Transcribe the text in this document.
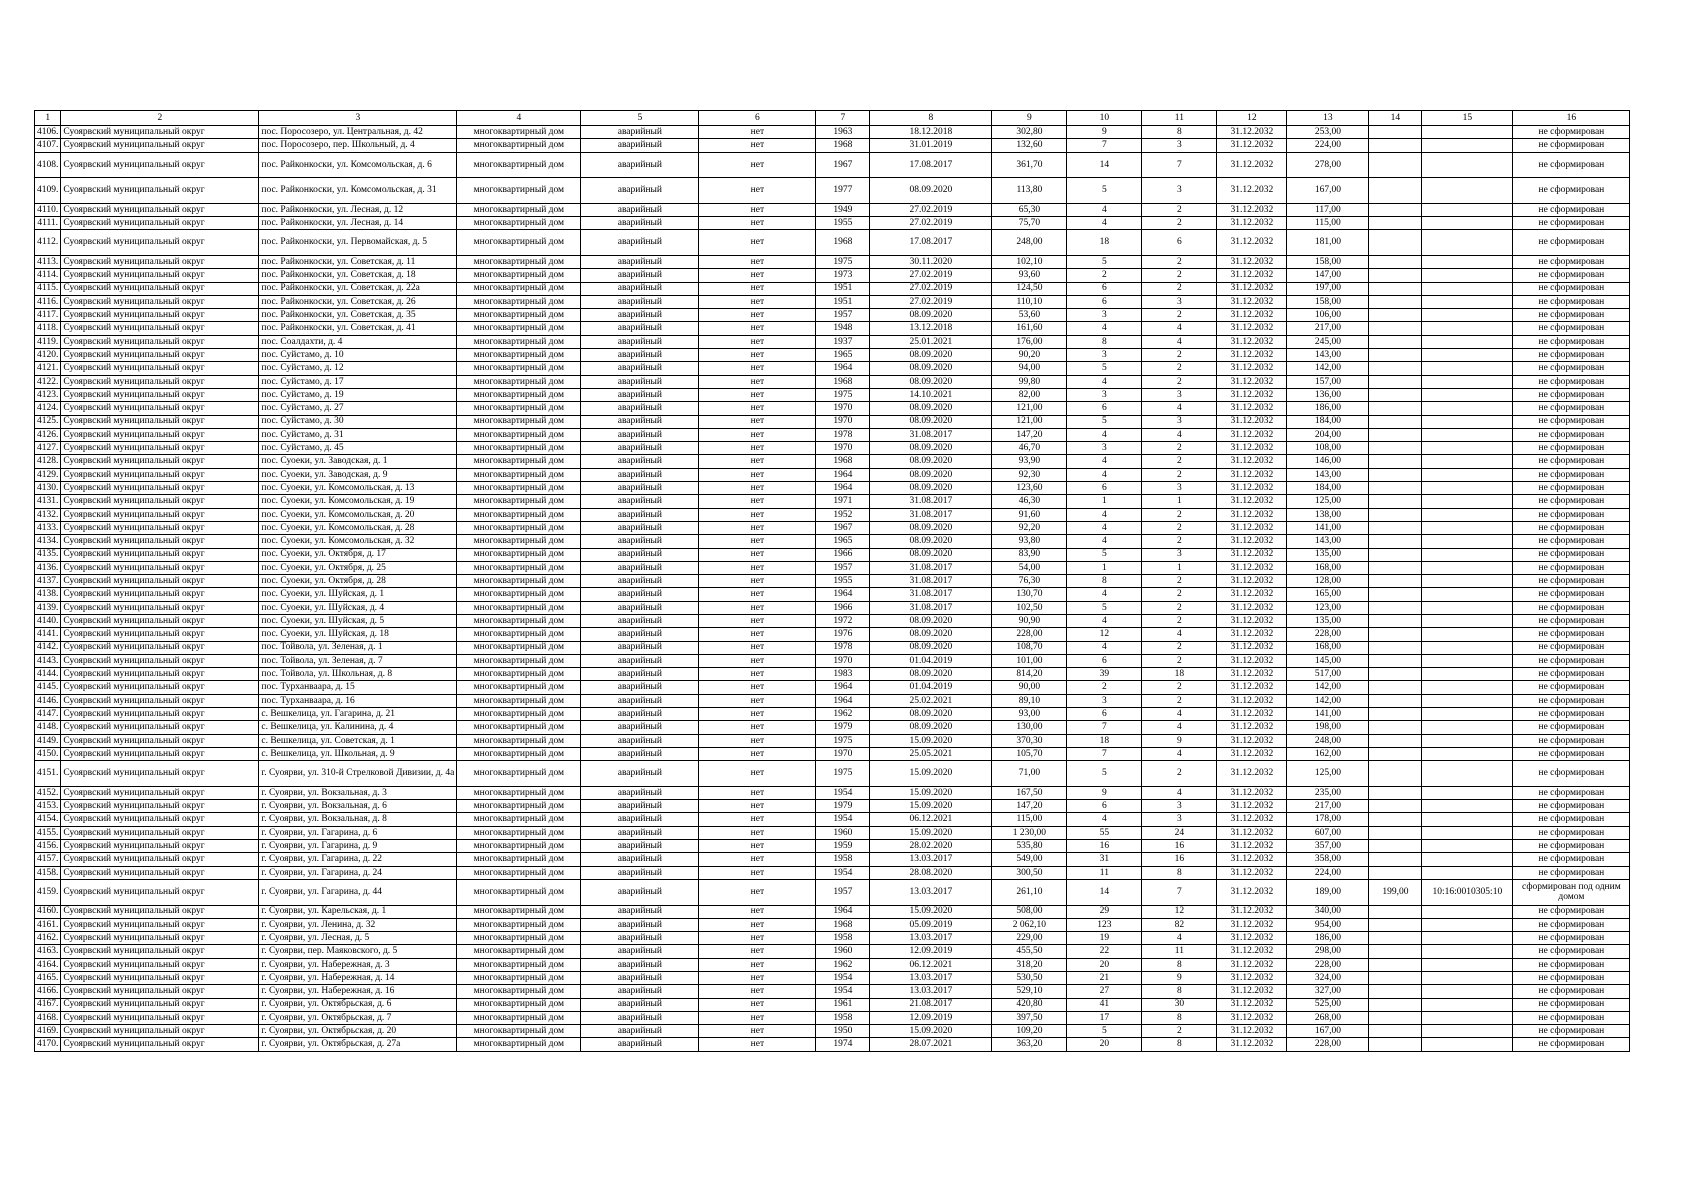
1	2	3	4	5	6	7	8	9	10	11	12	13	14	15	16
4106.	Суоярвский муниципальный округ	пос. Поросозеро, ул. Центральная, д. 42	многоквартирный дом	аварийный	нет	1963	18.12.2018	302,80	9	8	31.12.2032	253,00			не сформирован
4107.	Суоярвский муниципальный округ	пос. Поросозеро, пер. Школьный, д. 4	многоквартирный дом	аварийный	нет	1968	31.01.2019	132,60	7	3	31.12.2032	224,00			не сформирован
4108.	Суоярвский муниципальный округ	пос. Райконкоски, ул. Комсомольская, д. 6	многоквартирный дом	аварийный	нет	1967	17.08.2017	361,70	14	7	31.12.2032	278,00			не сформирован
4109.	Суоярвский муниципальный округ	пос. Райконкоски, ул. Комсомольская, д. 31	многоквартирный дом	аварийный	нет	1977	08.09.2020	113,80	5	3	31.12.2032	167,00			не сформирован
4110.	Суоярвский муниципальный округ	пос. Райконкоски, ул. Лесная, д. 12	многоквартирный дом	аварийный	нет	1949	27.02.2019	65,30	4	2	31.12.2032	117,00			не сформирован
4111.	Суоярвский муниципальный округ	пос. Райконкоски, ул. Лесная, д. 14	многоквартирный дом	аварийный	нет	1955	27.02.2019	75,70	4	2	31.12.2032	115,00			не сформирован
4112.	Суоярвский муниципальный округ	пос. Райконкоски, ул. Первомайская, д. 5	многоквартирный дом	аварийный	нет	1968	17.08.2017	248,00	18	6	31.12.2032	181,00			не сформирован
4113.	Суоярвский муниципальный округ	пос. Райконкоски, ул. Советская, д. 11	многоквартирный дом	аварийный	нет	1975	30.11.2020	102,10	5	2	31.12.2032	158,00			не сформирован
4114.	Суоярвский муниципальный округ	пос. Райконкоски, ул. Советская, д. 18	многоквартирный дом	аварийный	нет	1973	27.02.2019	93,60	2	2	31.12.2032	147,00			не сформирован
4115.	Суоярвский муниципальный округ	пос. Райконкоски, ул. Советская, д. 22а	многоквартирный дом	аварийный	нет	1951	27.02.2019	124,50	6	2	31.12.2032	197,00			не сформирован
4116.	Суоярвский муниципальный округ	пос. Райконкоски, ул. Советская, д. 26	многоквартирный дом	аварийный	нет	1951	27.02.2019	110,10	6	3	31.12.2032	158,00			не сформирован
4117.	Суоярвский муниципальный округ	пос. Райконкоски, ул. Советская, д. 35	многоквартирный дом	аварийный	нет	1957	08.09.2020	53,60	3	2	31.12.2032	106,00			не сформирован
4118.	Суоярвский муниципальный округ	пос. Райконкоски, ул. Советская, д. 41	многоквартирный дом	аварийный	нет	1948	13.12.2018	161,60	4	4	31.12.2032	217,00			не сформирован
4119.	Суоярвский муниципальный округ	пос. Соалдахти, д. 4	многоквартирный дом	аварийный	нет	1937	25.01.2021	176,00	8	4	31.12.2032	245,00			не сформирован
4120.	Суоярвский муниципальный округ	пос. Суйстамо, д. 10	многоквартирный дом	аварийный	нет	1965	08.09.2020	90,20	3	2	31.12.2032	143,00			не сформирован
4121.	Суоярвский муниципальный округ	пос. Суйстамо, д. 12	многоквартирный дом	аварийный	нет	1964	08.09.2020	94,00	5	2	31.12.2032	142,00			не сформирован
4122.	Суоярвский муниципальный округ	пос. Суйстамо, д. 17	многоквартирный дом	аварийный	нет	1968	08.09.2020	99,80	4	2	31.12.2032	157,00			не сформирован
4123.	Суоярвский муниципальный округ	пос. Суйстамо, д. 19	многоквартирный дом	аварийный	нет	1975	14.10.2021	82,00	3	3	31.12.2032	136,00			не сформирован
4124.	Суоярвский муниципальный округ	пос. Суйстамо, д. 27	многоквартирный дом	аварийный	нет	1970	08.09.2020	121,00	6	4	31.12.2032	186,00			не сформирован
4125.	Суоярвский муниципальный округ	пос. Суйстамо, д. 30	многоквартирный дом	аварийный	нет	1970	08.09.2020	121,00	5	3	31.12.2032	184,00			не сформирован
4126.	Суоярвский муниципальный округ	пос. Суйстамо, д. 31	многоквартирный дом	аварийный	нет	1978	31.08.2017	147,20	4	4	31.12.2032	204,00			не сформирован
4127.	Суоярвский муниципальный округ	пос. Суйстамо, д. 45	многоквартирный дом	аварийный	нет	1970	08.09.2020	46,70	3	2	31.12.2032	108,00			не сформирован
4128.	Суоярвский муниципальный округ	пос. Суоеки, ул. Заводская, д. 1	многоквартирный дом	аварийный	нет	1968	08.09.2020	93,90	4	2	31.12.2032	146,00			не сформирован
4129.	Суоярвский муниципальный округ	пос. Суоеки, ул. Заводская, д. 9	многоквартирный дом	аварийный	нет	1964	08.09.2020	92,30	4	2	31.12.2032	143,00			не сформирован
4130.	Суоярвский муниципальный округ	пос. Суоеки, ул. Комсомольская, д. 13	многоквартирный дом	аварийный	нет	1964	08.09.2020	123,60	6	3	31.12.2032	184,00			не сформирован
4131.	Суоярвский муниципальный округ	пос. Суоеки, ул. Комсомольская, д. 19	многоквартирный дом	аварийный	нет	1971	31.08.2017	46,30	1	1	31.12.2032	125,00			не сформирован
4132.	Суоярвский муниципальный округ	пос. Суоеки, ул. Комсомольская, д. 20	многоквартирный дом	аварийный	нет	1952	31.08.2017	91,60	4	2	31.12.2032	138,00			не сформирован
4133.	Суоярвский муниципальный округ	пос. Суоеки, ул. Комсомольская, д. 28	многоквартирный дом	аварийный	нет	1967	08.09.2020	92,20	4	2	31.12.2032	141,00			не сформирован
4134.	Суоярвский муниципальный округ	пос. Суоеки, ул. Комсомольская, д. 32	многоквартирный дом	аварийный	нет	1965	08.09.2020	93,80	4	2	31.12.2032	143,00			не сформирован
4135.	Суоярвский муниципальный округ	пос. Суоеки, ул. Октября, д. 17	многоквартирный дом	аварийный	нет	1966	08.09.2020	83,90	5	3	31.12.2032	135,00			не сформирован
4136.	Суоярвский муниципальный округ	пос. Суоеки, ул. Октября, д. 25	многоквартирный дом	аварийный	нет	1957	31.08.2017	54,00	1	1	31.12.2032	168,00			не сформирован
4137.	Суоярвский муниципальный округ	пос. Суоеки, ул. Октября, д. 28	многоквартирный дом	аварийный	нет	1955	31.08.2017	76,30	8	2	31.12.2032	128,00			не сформирован
4138.	Суоярвский муниципальный округ	пос. Суоеки, ул. Шуйская, д. 1	многоквартирный дом	аварийный	нет	1964	31.08.2017	130,70	4	2	31.12.2032	165,00			не сформирован
4139.	Суоярвский муниципальный округ	пос. Суоеки, ул. Шуйская, д. 4	многоквартирный дом	аварийный	нет	1966	31.08.2017	102,50	5	2	31.12.2032	123,00			не сформирован
4140.	Суоярвский муниципальный округ	пос. Суоеки, ул. Шуйская, д. 5	многоквартирный дом	аварийный	нет	1972	08.09.2020	90,90	4	2	31.12.2032	135,00			не сформирован
4141.	Суоярвский муниципальный округ	пос. Суоеки, ул. Шуйская, д. 18	многоквартирный дом	аварийный	нет	1976	08.09.2020	228,00	12	4	31.12.2032	228,00			не сформирован
4142.	Суоярвский муниципальный округ	пос. Тойвола, ул. Зеленая, д. 1	многоквартирный дом	аварийный	нет	1978	08.09.2020	108,70	4	2	31.12.2032	168,00			не сформирован
4143.	Суоярвский муниципальный округ	пос. Тойвола, ул. Зеленая, д. 7	многоквартирный дом	аварийный	нет	1970	01.04.2019	101,00	6	2	31.12.2032	145,00			не сформирован
4144.	Суоярвский муниципальный округ	пос. Тойвола, ул. Школьная, д. 8	многоквартирный дом	аварийный	нет	1983	08.09.2020	814,20	39	18	31.12.2032	517,00			не сформирован
4145.	Суоярвский муниципальный округ	пос. Турханваара, д. 15	многоквартирный дом	аварийный	нет	1964	01.04.2019	90,00	2	2	31.12.2032	142,00			не сформирован
4146.	Суоярвский муниципальный округ	пос. Турханваара, д. 16	многоквартирный дом	аварийный	нет	1964	25.02.2021	89,10	3	2	31.12.2032	142,00			не сформирован
4147.	Суоярвский муниципальный округ	с. Вешкелица, ул. Гагарина, д. 21	многоквартирный дом	аварийный	нет	1962	08.09.2020	93,00	6	4	31.12.2032	141,00			не сформирован
4148.	Суоярвский муниципальный округ	с. Вешкелица, ул. Калинина, д. 4	многоквартирный дом	аварийный	нет	1979	08.09.2020	130,00	7	4	31.12.2032	198,00			не сформирован
4149.	Суоярвский муниципальный округ	с. Вешкелица, ул. Советская, д. 1	многоквартирный дом	аварийный	нет	1975	15.09.2020	370,30	18	9	31.12.2032	248,00			не сформирован
4150.	Суоярвский муниципальный округ	с. Вешкелица, ул. Школьная, д. 9	многоквартирный дом	аварийный	нет	1970	25.05.2021	105,70	7	4	31.12.2032	162,00			не сформирован
4151.	Суоярвский муниципальный округ	г. Суоярви, ул. 310-й Стрелковой Дивизии, д. 4а	многоквартирный дом	аварийный	нет	1975	15.09.2020	71,00	5	2	31.12.2032	125,00			не сформирован
4152.	Суоярвский муниципальный округ	г. Суоярви, ул. Вокзальная, д. 3	многоквартирный дом	аварийный	нет	1954	15.09.2020	167,50	9	4	31.12.2032	235,00			не сформирован
4153.	Суоярвский муниципальный округ	г. Суоярви, ул. Вокзальная, д. 6	многоквартирный дом	аварийный	нет	1979	15.09.2020	147,20	6	3	31.12.2032	217,00			не сформирован
4154.	Суоярвский муниципальный округ	г. Суоярви, ул. Вокзальная, д. 8	многоквартирный дом	аварийный	нет	1954	06.12.2021	115,00	4	3	31.12.2032	178,00			не сформирован
4155.	Суоярвский муниципальный округ	г. Суоярви, ул. Гагарина, д. 6	многоквартирный дом	аварийный	нет	1960	15.09.2020	1 230,00	55	24	31.12.2032	607,00			не сформирован
4156.	Суоярвский муниципальный округ	г. Суоярви, ул. Гагарина, д. 9	многоквартирный дом	аварийный	нет	1959	28.02.2020	535,80	16	16	31.12.2032	357,00			не сформирован
4157.	Суоярвский муниципальный округ	г. Суоярви, ул. Гагарина, д. 22	многоквартирный дом	аварийный	нет	1958	13.03.2017	549,00	31	16	31.12.2032	358,00			не сформирован
4158.	Суоярвский муниципальный округ	г. Суоярви, ул. Гагарина, д. 24	многоквартирный дом	аварийный	нет	1954	28.08.2020	300,50	11	8	31.12.2032	224,00			не сформирован
4159.	Суоярвский муниципальный округ	г. Суоярви, ул. Гагарина, д. 44	многоквартирный дом	аварийный	нет	1957	13.03.2017	261,10	14	7	31.12.2032	189,00	199,00	10:16:0010305:10	сформирован под одним домом
4160.	Суоярвский муниципальный округ	г. Суоярви, ул. Карельская, д. 1	многоквартирный дом	аварийный	нет	1964	15.09.2020	508,00	29	12	31.12.2032	340,00			не сформирован
4161.	Суоярвский муниципальный округ	г. Суоярви, ул. Ленина, д. 32	многоквартирный дом	аварийный	нет	1968	05.09.2019	2 062,10	123	82	31.12.2032	954,00			не сформирован
4162.	Суоярвский муниципальный округ	г. Суоярви, ул. Лесная, д. 5	многоквартирный дом	аварийный	нет	1958	13.03.2017	229,00	19	4	31.12.2032	186,00			не сформирован
4163.	Суоярвский муниципальный округ	г. Суоярви, пер. Маяковского, д. 5	многоквартирный дом	аварийный	нет	1960	12.09.2019	455,50	22	11	31.12.2032	298,00			не сформирован
4164.	Суоярвский муниципальный округ	г. Суоярви, ул. Набережная, д. 3	многоквартирный дом	аварийный	нет	1962	06.12.2021	318,20	20	8	31.12.2032	228,00			не сформирован
4165.	Суоярвский муниципальный округ	г. Суоярви, ул. Набережная, д. 14	многоквартирный дом	аварийный	нет	1954	13.03.2017	530,50	21	9	31.12.2032	324,00			не сформирован
4166.	Суоярвский муниципальный округ	г. Суоярви, ул. Набережная, д. 16	многоквартирный дом	аварийный	нет	1954	13.03.2017	529,10	27	8	31.12.2032	327,00			не сформирован
4167.	Суоярвский муниципальный округ	г. Суоярви, ул. Октябрьская, д. 6	многоквартирный дом	аварийный	нет	1961	21.08.2017	420,80	41	30	31.12.2032	525,00			не сформирован
4168.	Суоярвский муниципальный округ	г. Суоярви, ул. Октябрьская, д. 7	многоквартирный дом	аварийный	нет	1958	12.09.2019	397,50	17	8	31.12.2032	268,00			не сформирован
4169.	Суоярвский муниципальный округ	г. Суоярви, ул. Октябрьская, д. 20	многоквартирный дом	аварийный	нет	1950	15.09.2020	109,20	5	2	31.12.2032	167,00			не сформирован
4170.	Суоярвский муниципальный округ	г. Суоярви, ул. Октябрьская, д. 27а	многоквартирный дом	аварийный	нет	1974	28.07.2021	363,20	20	8	31.12.2032	228,00			не сформирован
